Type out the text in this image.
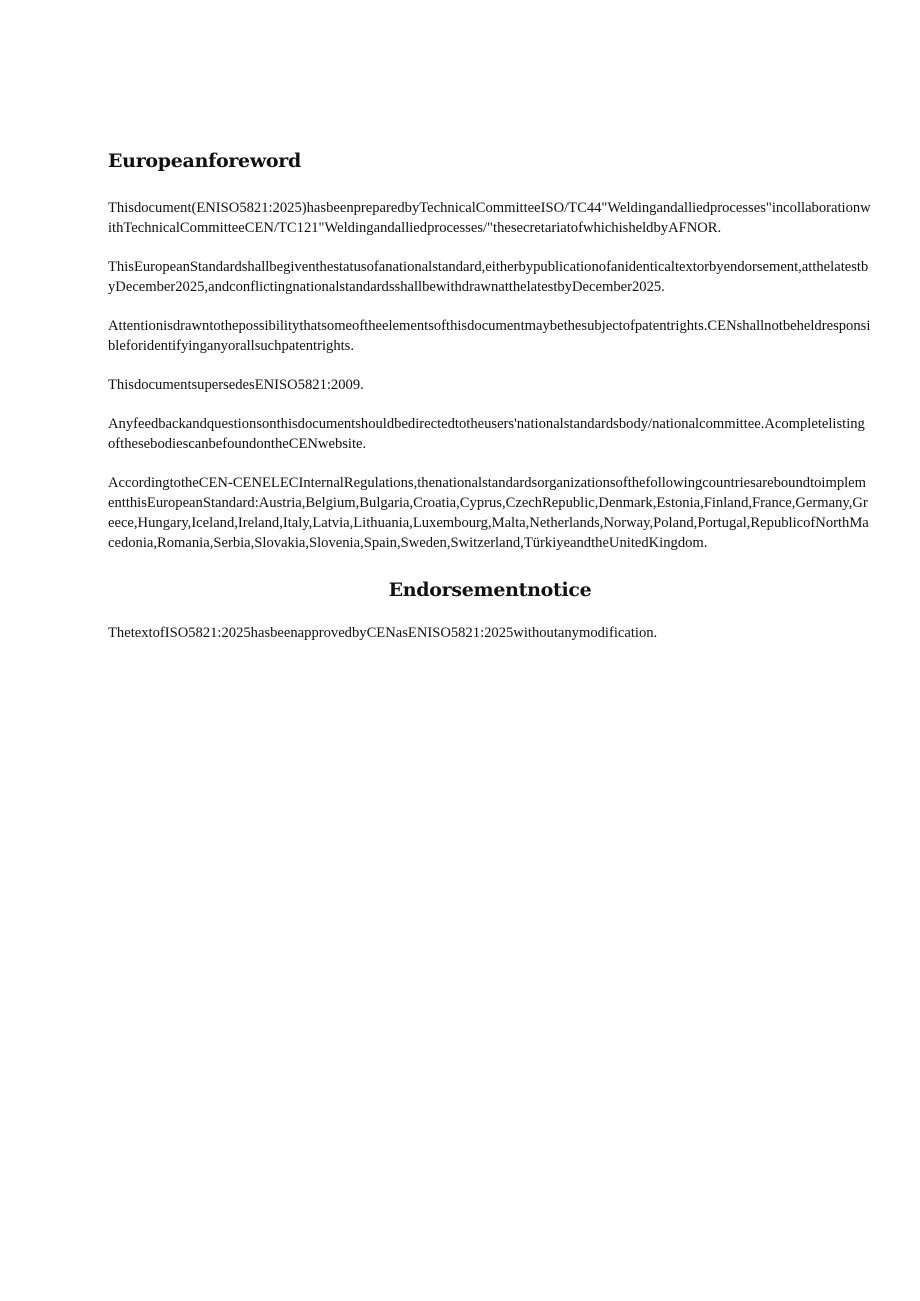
Europeanforeword

Thisdocument(ENISO5821:2025)hasbeenpreparedbyTechnicalCommitteeISO/TC44"Weldingandalliedprocesses"incollaborationwithTechnicalCommitteeCEN/TC121"Weldingandalliedprocesses/"thesecretariatofwhichisheldbyAFNOR.

ThisEuropeanStandardshallbegiventhestatusofanationalstandard,eitherbypublicationofanidenticaltextorbyendorsement,atthelatestbyDecember2025,andconflictingnationalstandardsshallbewithdrawnatthelatestbyDecember2025.

Attentionisdrawntothepossibilitythatsomeoftheelementsofthisdocumentmaybethesubjectofpatentrights.CENshallnotbeheldresponsibleforidentifyinganyorallsuchpatentrights.

ThisdocumentsupersedesENISO5821:2009.

Anyfeedbackandquestionsonthisdocumentshouldbedirectedtotheusers'nationalstandardsbody/nationalcommittee.AcompletelistingofthesebodiescanbefoundontheCENwebsite.

AccordingtotheCEN-CENELECInternalRegulations,thenationalstandardsorganizationsofthefollowingcountriesareboundtoimplementthisEuropeanStandard:Austria,Belgium,Bulgaria,Croatia,Cyprus,CzechRepublic,Denmark,Estonia,Finland,France,Germany,Greece,Hungary,Iceland,Ireland,Italy,Latvia,Lithuania,Luxembourg,Malta,Netherlands,Norway,Poland,Portugal,RepublicofNorthMacedonia,Romania,Serbia,Slovakia,Slovenia,Spain,Sweden,Switzerland,TürkiyeandtheUnitedKingdom.

Endorsementnotice

ThetextofISO5821:2025hasbeenapprovedbyCENasENISO5821:2025withoutanymodification.
